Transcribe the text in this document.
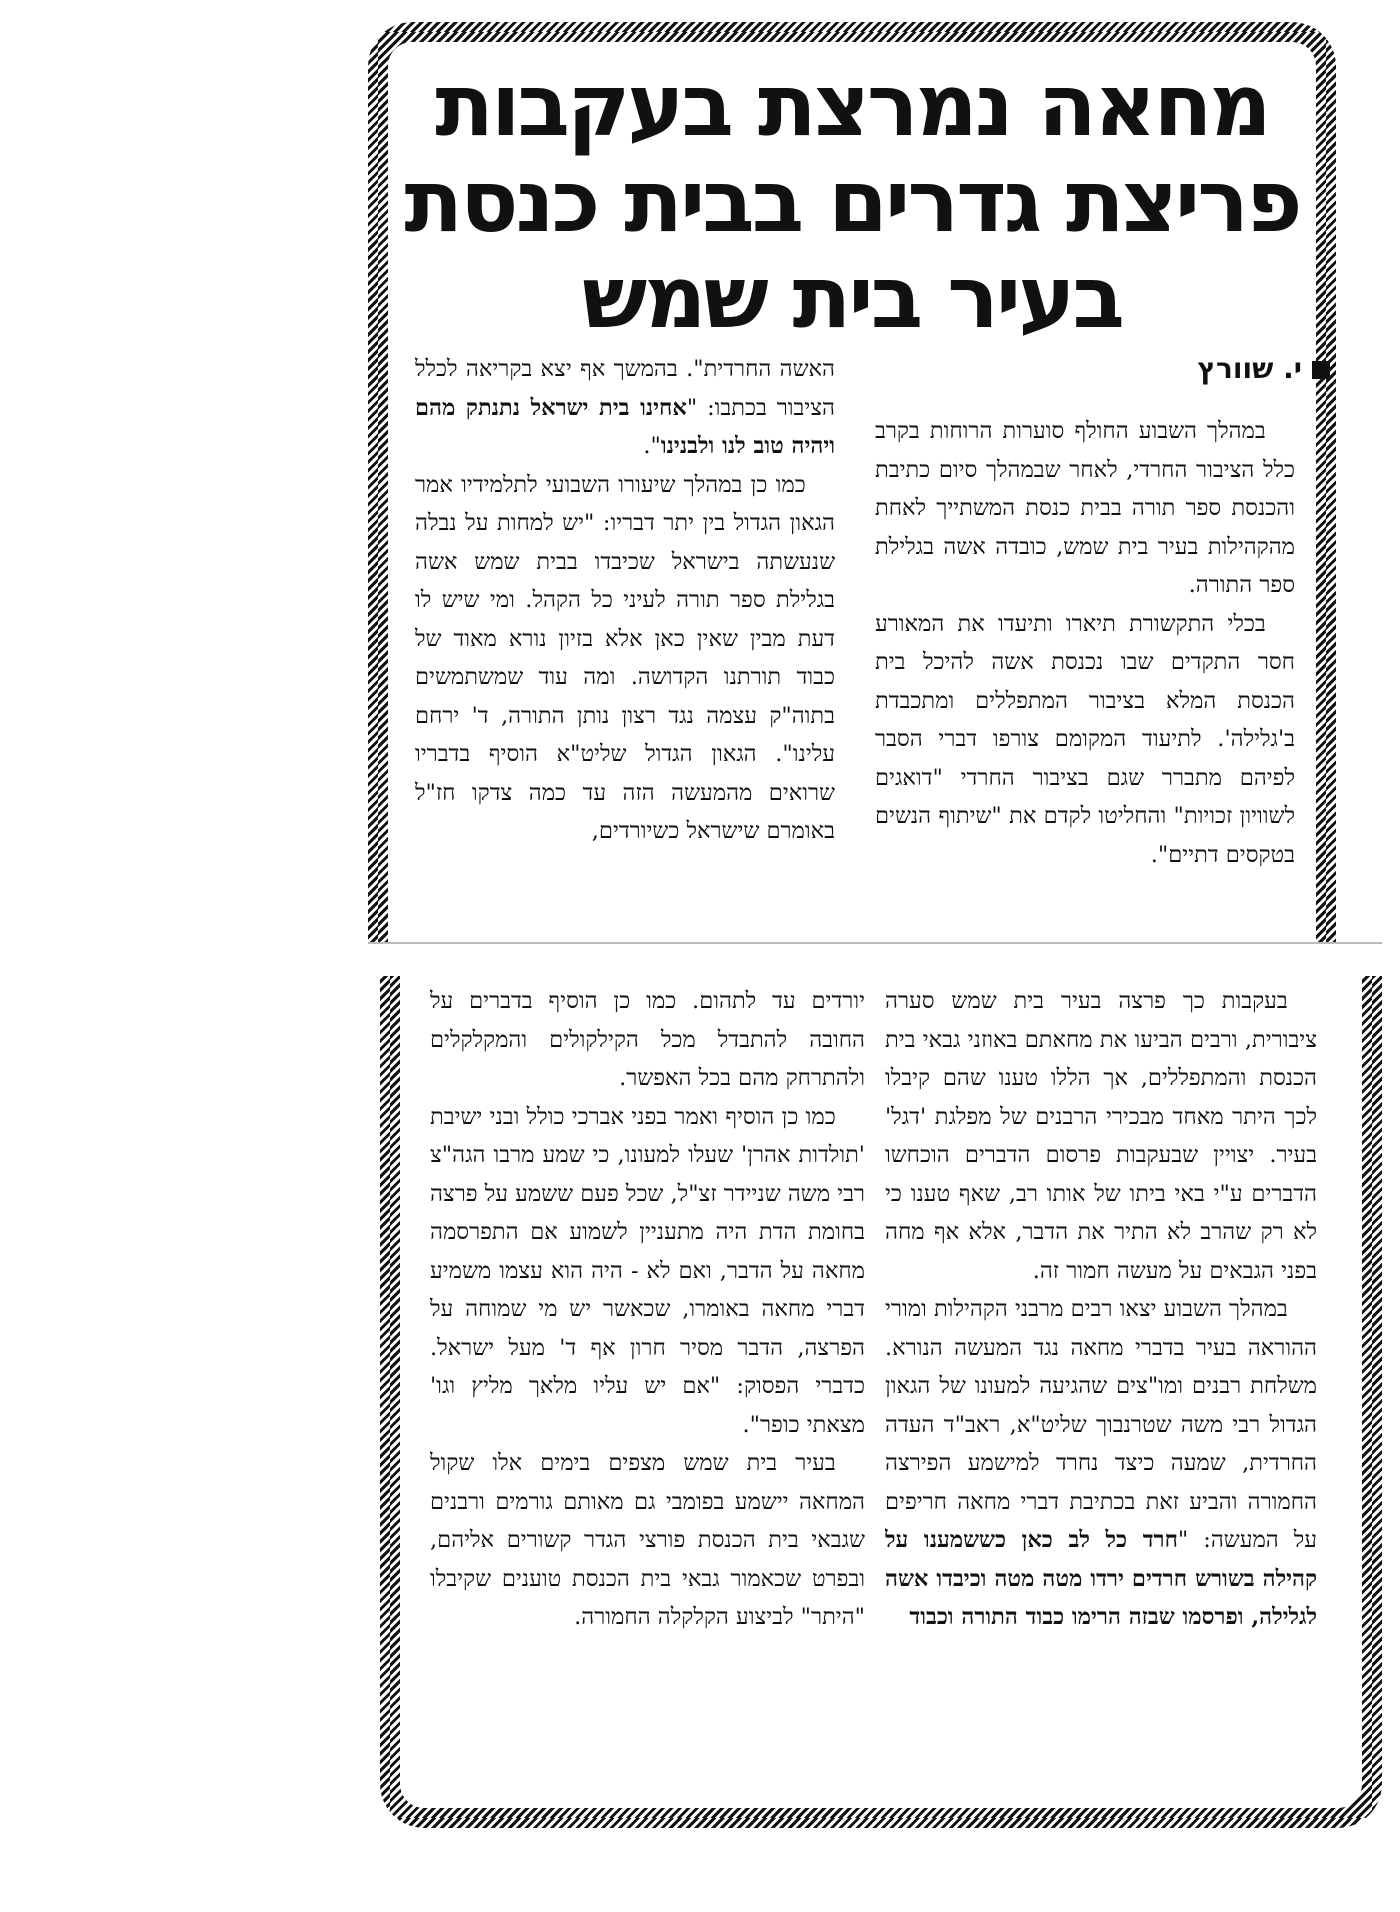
מחאה נמרצת בעקבות פריצת גדרים בבית כנסת בעיר בית שמש
י. שוורץ

במהלך השבוע החולף סוערות הרוחות בקרב כלל הציבור החרדי, לאחר שבמהלך סיום כתיבת והכנסת ספר תורה בבית כנסת המשתייך לאחת מהקהילות בעיר בית שמש, כובדה אשה בגלילת ספר התורה.

בכלי התקשורת תיארו ותיעדו את המאורע חסר התקדים שבו נכנסת אשה להיכל בית הכנסת המלא בציבור המתפללים ומתכבדת ב'גלילה'. לתיעוד המקומם צורפו דברי הסבר לפיהם מתברר שגם בציבור החרדי "דואגים לשוויון זכויות" והחליטו לקדם את "שיתוף הנשים בטקסים דתיים".

האשה החרדית". בהמשך אף יצא בקריאה לכלל הציבור בכתבו: "אחינו בית ישראל נתנתק מהם ויהיה טוב לנו ולבנינו".

כמו כן במהלך שיעורו השבועי לתלמידיו אמר הגאון הגדול בין יתר דבריו: "יש למחות על נבלה שנעשתה בישראל שכיבדו בבית שמש אשה בגלילת ספר תורה לעיני כל הקהל. ומי שיש לו דעת מבין שאין כאן אלא בזיון נורא מאוד של כבוד תורתנו הקדושה. ומה עוד שמשתמשים בתוה"ק עצמה נגד רצון נותן התורה, ד' ירחם עלינו". הגאון הגדול שליט"א הוסיף בדבריו שרואים מהמעשה הזה עד כמה צדקו חז"ל באומרם שישראל כשיורדים,

בעקבות כך פרצה בעיר בית שמש סערה ציבורית, ורבים הביעו את מחאתם באוזני גבאי בית הכנסת והמתפללים, אך הללו טענו שהם קיבלו לכך היתר מאחד מבכירי הרבנים של מפלגת 'דגל' בעיר. יצויין שבעקבות פרסום הדברים הוכחשו הדברים ע"י באי ביתו של אותו רב, שאף טענו כי לא רק שהרב לא התיר את הדבר, אלא אף מחה בפני הגבאים על מעשה חמור זה.

במהלך השבוע יצאו רבים מרבני הקהילות ומורי ההוראה בעיר בדברי מחאה נגד המעשה הנורא. משלחת רבנים ומו"צים שהגיעה למעונו של הגאון הגדול רבי משה שטרנבוך שליט"א, ראב"ד העדה החרדית, שמעה כיצד נחרד למישמע הפירצה החמורה והביע זאת בכתיבת דברי מחאה חריפים על המעשה: "חרד כל לב כאן כששמענו על קהילה בשורש חרדים ירדו מטה מטה וכיבדו אשה לגלילה, ופרסמו שבזה הרימו כבוד התורה וכבוד

יורדים עד לתהום. כמו כן הוסיף בדברים על החובה להתבדל מכל הקילקולים והמקלקלים ולהתרחק מהם בכל האפשר.

כמו כן הוסיף ואמר בפני אברכי כולל ובני ישיבת 'תולדות אהרן' שעלו למעונו, כי שמע מרבו הגה"צ רבי משה שניידר זצ"ל, שכל פעם ששמע על פרצה בחומת הדת היה מתעניין לשמוע אם התפרסמה מחאה על הדבר, ואם לא - היה הוא עצמו משמיע דברי מחאה באומרו, שכאשר יש מי שמוחה על הפרצה, הדבר מסיר חרון אף ד' מעל ישראל. כדברי הפסוק: "אם יש עליו מלאך מליץ וגו' מצאתי כופר".

בעיר בית שמש מצפים בימים אלו שקול המחאה יישמע בפומבי גם מאותם גורמים ורבנים שגבאי בית הכנסת פורצי הגדר קשורים אליהם, ובפרט שכאמור גבאי בית הכנסת טוענים שקיבלו "היתר" לביצוע הקלקלה החמורה.
